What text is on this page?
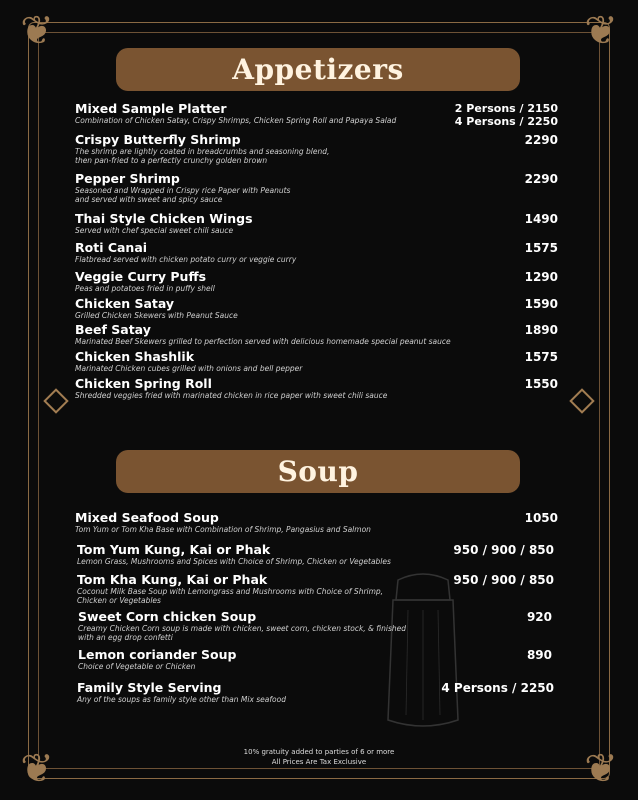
❦	❦
❦	❦
Appetizers
Mixed Sample Platter
Combination of Chicken Satay, Crispy Shrimps, Chicken Spring Roll and Papaya Salad
2 Persons / 2150
4 Persons / 2250
Crispy Butterfly Shrimp
The shrimp are lightly coated in breadcrumbs and seasoning blend,
then pan-fried to a perfectly crunchy golden brown
2290
Pepper Shrimp
Seasoned and Wrapped in Crispy rice Paper with Peanuts
and served with sweet and spicy sauce
2290
Thai Style Chicken Wings
Served with chef special sweet chili sauce
1490
Roti Canai
Flatbread served with chicken potato curry or veggie curry
1575
Veggie Curry Puffs
Peas and potatoes fried in puffy shell
1290
Chicken Satay
Grilled Chicken Skewers with Peanut Sauce
1590
Beef Satay
Marinated Beef Skewers grilled to perfection served with delicious homemade special peanut sauce
1890
Chicken Shashlik
Marinated Chicken cubes grilled with onions and bell pepper
1575
Chicken Spring Roll
Shredded veggies fried with marinated chicken in rice paper with sweet chili sauce
1550
Soup
Mixed Seafood Soup
Tom Yum or Tom Kha Base with Combination of Shrimp, Pangasius and Salmon
1050
Tom Yum Kung, Kai or Phak
Lemon Grass, Mushrooms and Spices with Choice of Shrimp, Chicken or Vegetables
950 / 900 / 850
Tom Kha Kung, Kai or Phak
Coconut Milk Base Soup with Lemongrass and Mushrooms with Choice of Shrimp,
Chicken or Vegetables
950 / 900 / 850
Sweet Corn chicken Soup
Creamy Chicken Corn soup is made with chicken, sweet corn, chicken stock, & finished
with an egg drop confetti
920
Lemon coriander Soup
Choice of Vegetable or Chicken
890
Family Style Serving
Any of the soups as family style other than Mix seafood
4 Persons / 2250
10% gratuity added to parties of 6 or more
All Prices Are Tax Exclusive
